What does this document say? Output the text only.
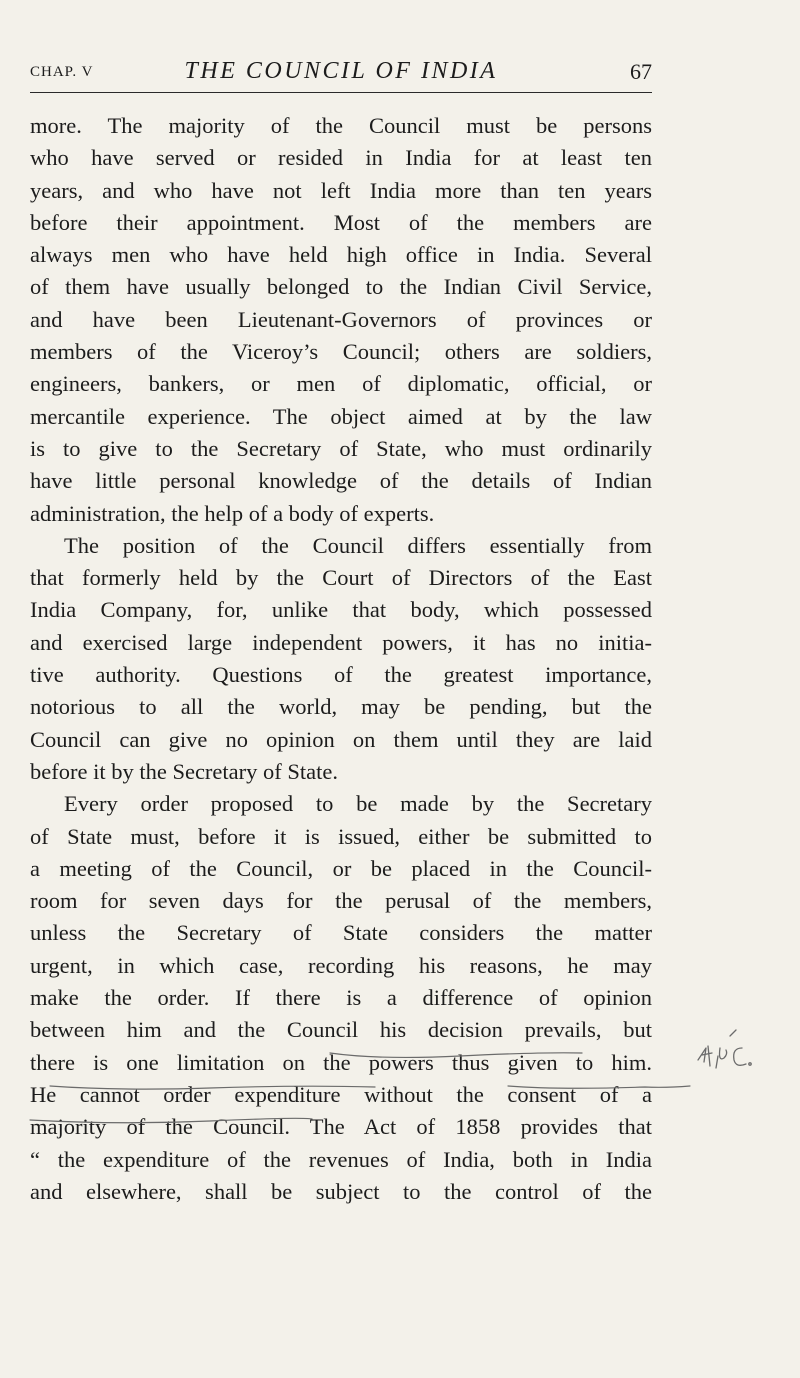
CHAP. V	THE COUNCIL OF INDIA	67
more. The majority of the Council must be persons
who have served or resided in India for at least ten
years, and who have not left India more than ten years
before their appointment. Most of the members are
always men who have held high office in India. Several
of them have usually belonged to the Indian Civil Service,
and have been Lieutenant-Governors of provinces or
members of the Viceroy’s Council; others are soldiers,
engineers, bankers, or men of diplomatic, official, or
mercantile experience. The object aimed at by the law
is to give to the Secretary of State, who must ordinarily
have little personal knowledge of the details of Indian
administration, the help of a body of experts.
The position of the Council differs essentially from
that formerly held by the Court of Directors of the East
India Company, for, unlike that body, which possessed
and exercised large independent powers, it has no initia-
tive authority. Questions of the greatest importance,
notorious to all the world, may be pending, but the
Council can give no opinion on them until they are laid
before it by the Secretary of State.
Every order proposed to be made by the Secretary
of State must, before it is issued, either be submitted to
a meeting of the Council, or be placed in the Council-
room for seven days for the perusal of the members,
unless the Secretary of State considers the matter
urgent, in which case, recording his reasons, he may
make the order. If there is a difference of opinion
between him and the Council his decision prevails, but
there is one limitation on the powers thus given to him.
He cannot order expenditure without the consent of a
majority of the Council. The Act of 1858 provides that
“ the expenditure of the revenues of India, both in India
and elsewhere, shall be subject to the control of the
